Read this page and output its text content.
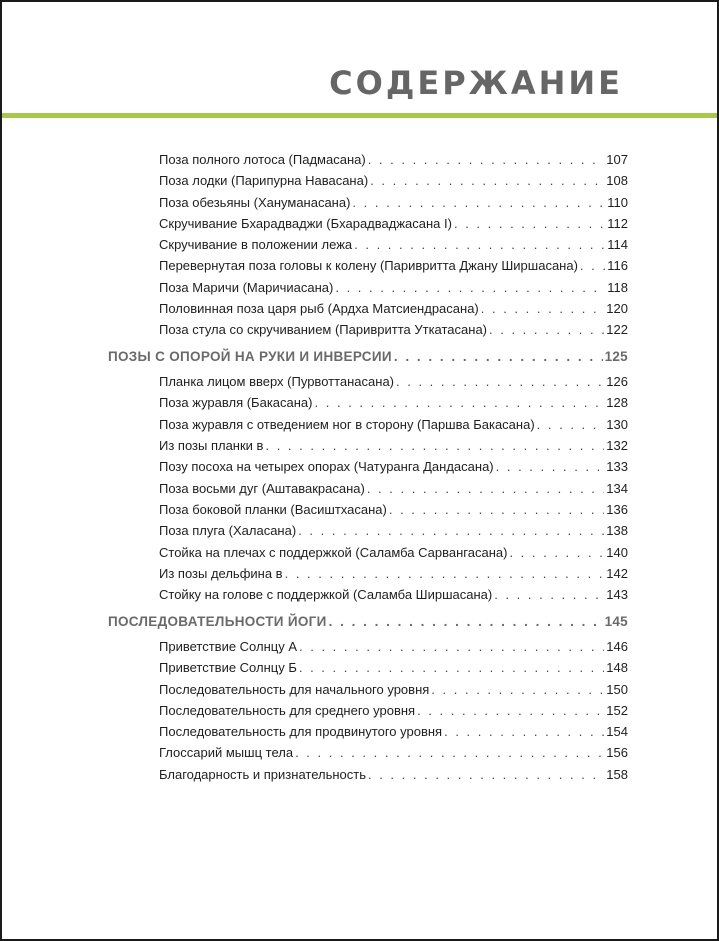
СОДЕРЖАНИЕ
Поза полного лотоса (Падмасана) . . .	107
Поза лодки (Парипурна Навасана) . . .	108
Поза обезьяны (Хануманасана) . . .	110
Скручивание Бхарадваджи (Бхарадваджасана I) . . .	112
Скручивание в положении лежа . . .	114
Перевернутая поза головы к колену (Паривритта Джану Ширшасана) . . . 116
Поза Маричи (Маричиасана) . . .	118
Половинная поза царя рыб (Ардха Матсиендрасана) . . .	120
Поза стула со скручиванием (Паривритта Уткатасана) . . .	122
ПОЗЫ С ОПОРОЙ НА РУКИ И ИНВЕРСИИ . . .	125
Планка лицом вверх (Пурвоттанасана) . . .	126
Поза журавля (Бакасана) . . .	128
Поза журавля с отведением ног в сторону (Паршва Бакасана) . . .	130
Из позы планки в . . .	132
Позу посоха на четырех опорах (Чатуранга Дандасана) . . .	133
Поза восьми дуг (Аштавакрасана) . . .	134
Поза боковой планки (Васиштхасана) . . .	136
Поза плуга (Халасана) . . .	138
Стойка на плечах с поддержкой (Саламба Сарвангасана) . . .	140
Из позы дельфина в . . .	142
Стойку на голове с поддержкой (Саламба Ширшасана) . . .	143
ПОСЛЕДОВАТЕЛЬНОСТИ ЙОГИ . . .	145
Приветствие Солнцу А . . .	146
Приветствие Солнцу Б . . .	148
Последовательность для начального уровня . . .	150
Последовательность для среднего уровня . . .	152
Последовательность для продвинутого уровня . . .	154
Глоссарий мышц тела . . .	156
Благодарность и признательность . . .	158
